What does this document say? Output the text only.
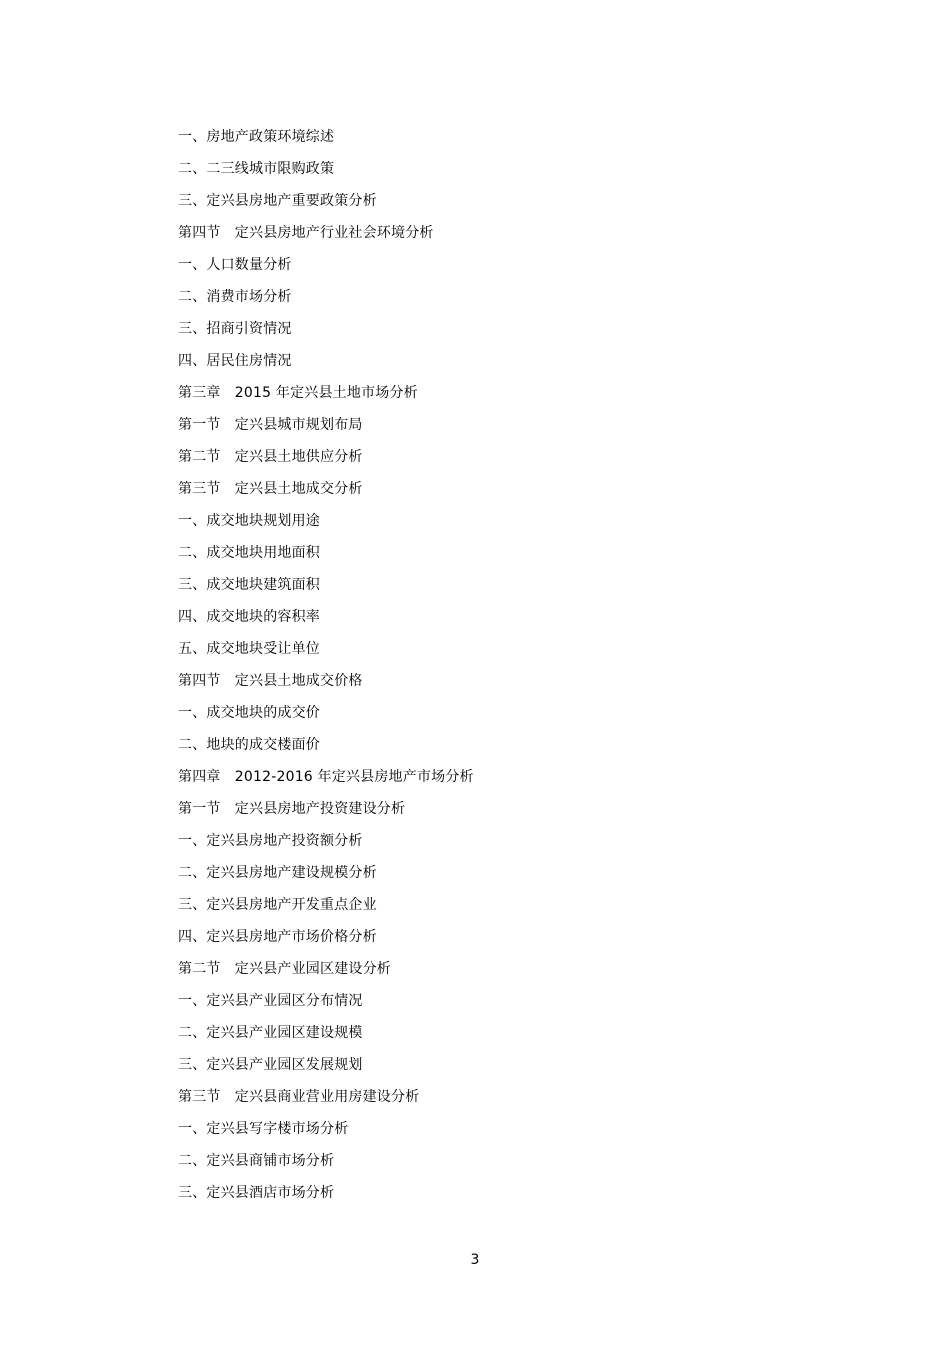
一、房地产政策环境综述
二、二三线城市限购政策
三、定兴县房地产重要政策分析
第四节　定兴县房地产行业社会环境分析
一、人口数量分析
二、消费市场分析
三、招商引资情况
四、居民住房情况
第三章　2015 年定兴县土地市场分析
第一节　定兴县城市规划布局
第二节　定兴县土地供应分析
第三节　定兴县土地成交分析
一、成交地块规划用途
二、成交地块用地面积
三、成交地块建筑面积
四、成交地块的容积率
五、成交地块受让单位
第四节　定兴县土地成交价格
一、成交地块的成交价
二、地块的成交楼面价
第四章　2012-2016 年定兴县房地产市场分析
第一节　定兴县房地产投资建设分析
一、定兴县房地产投资额分析
二、定兴县房地产建设规模分析
三、定兴县房地产开发重点企业
四、定兴县房地产市场价格分析
第二节　定兴县产业园区建设分析
一、定兴县产业园区分布情况
二、定兴县产业园区建设规模
三、定兴县产业园区发展规划
第三节　定兴县商业营业用房建设分析
一、定兴县写字楼市场分析
二、定兴县商铺市场分析
三、定兴县酒店市场分析
3
